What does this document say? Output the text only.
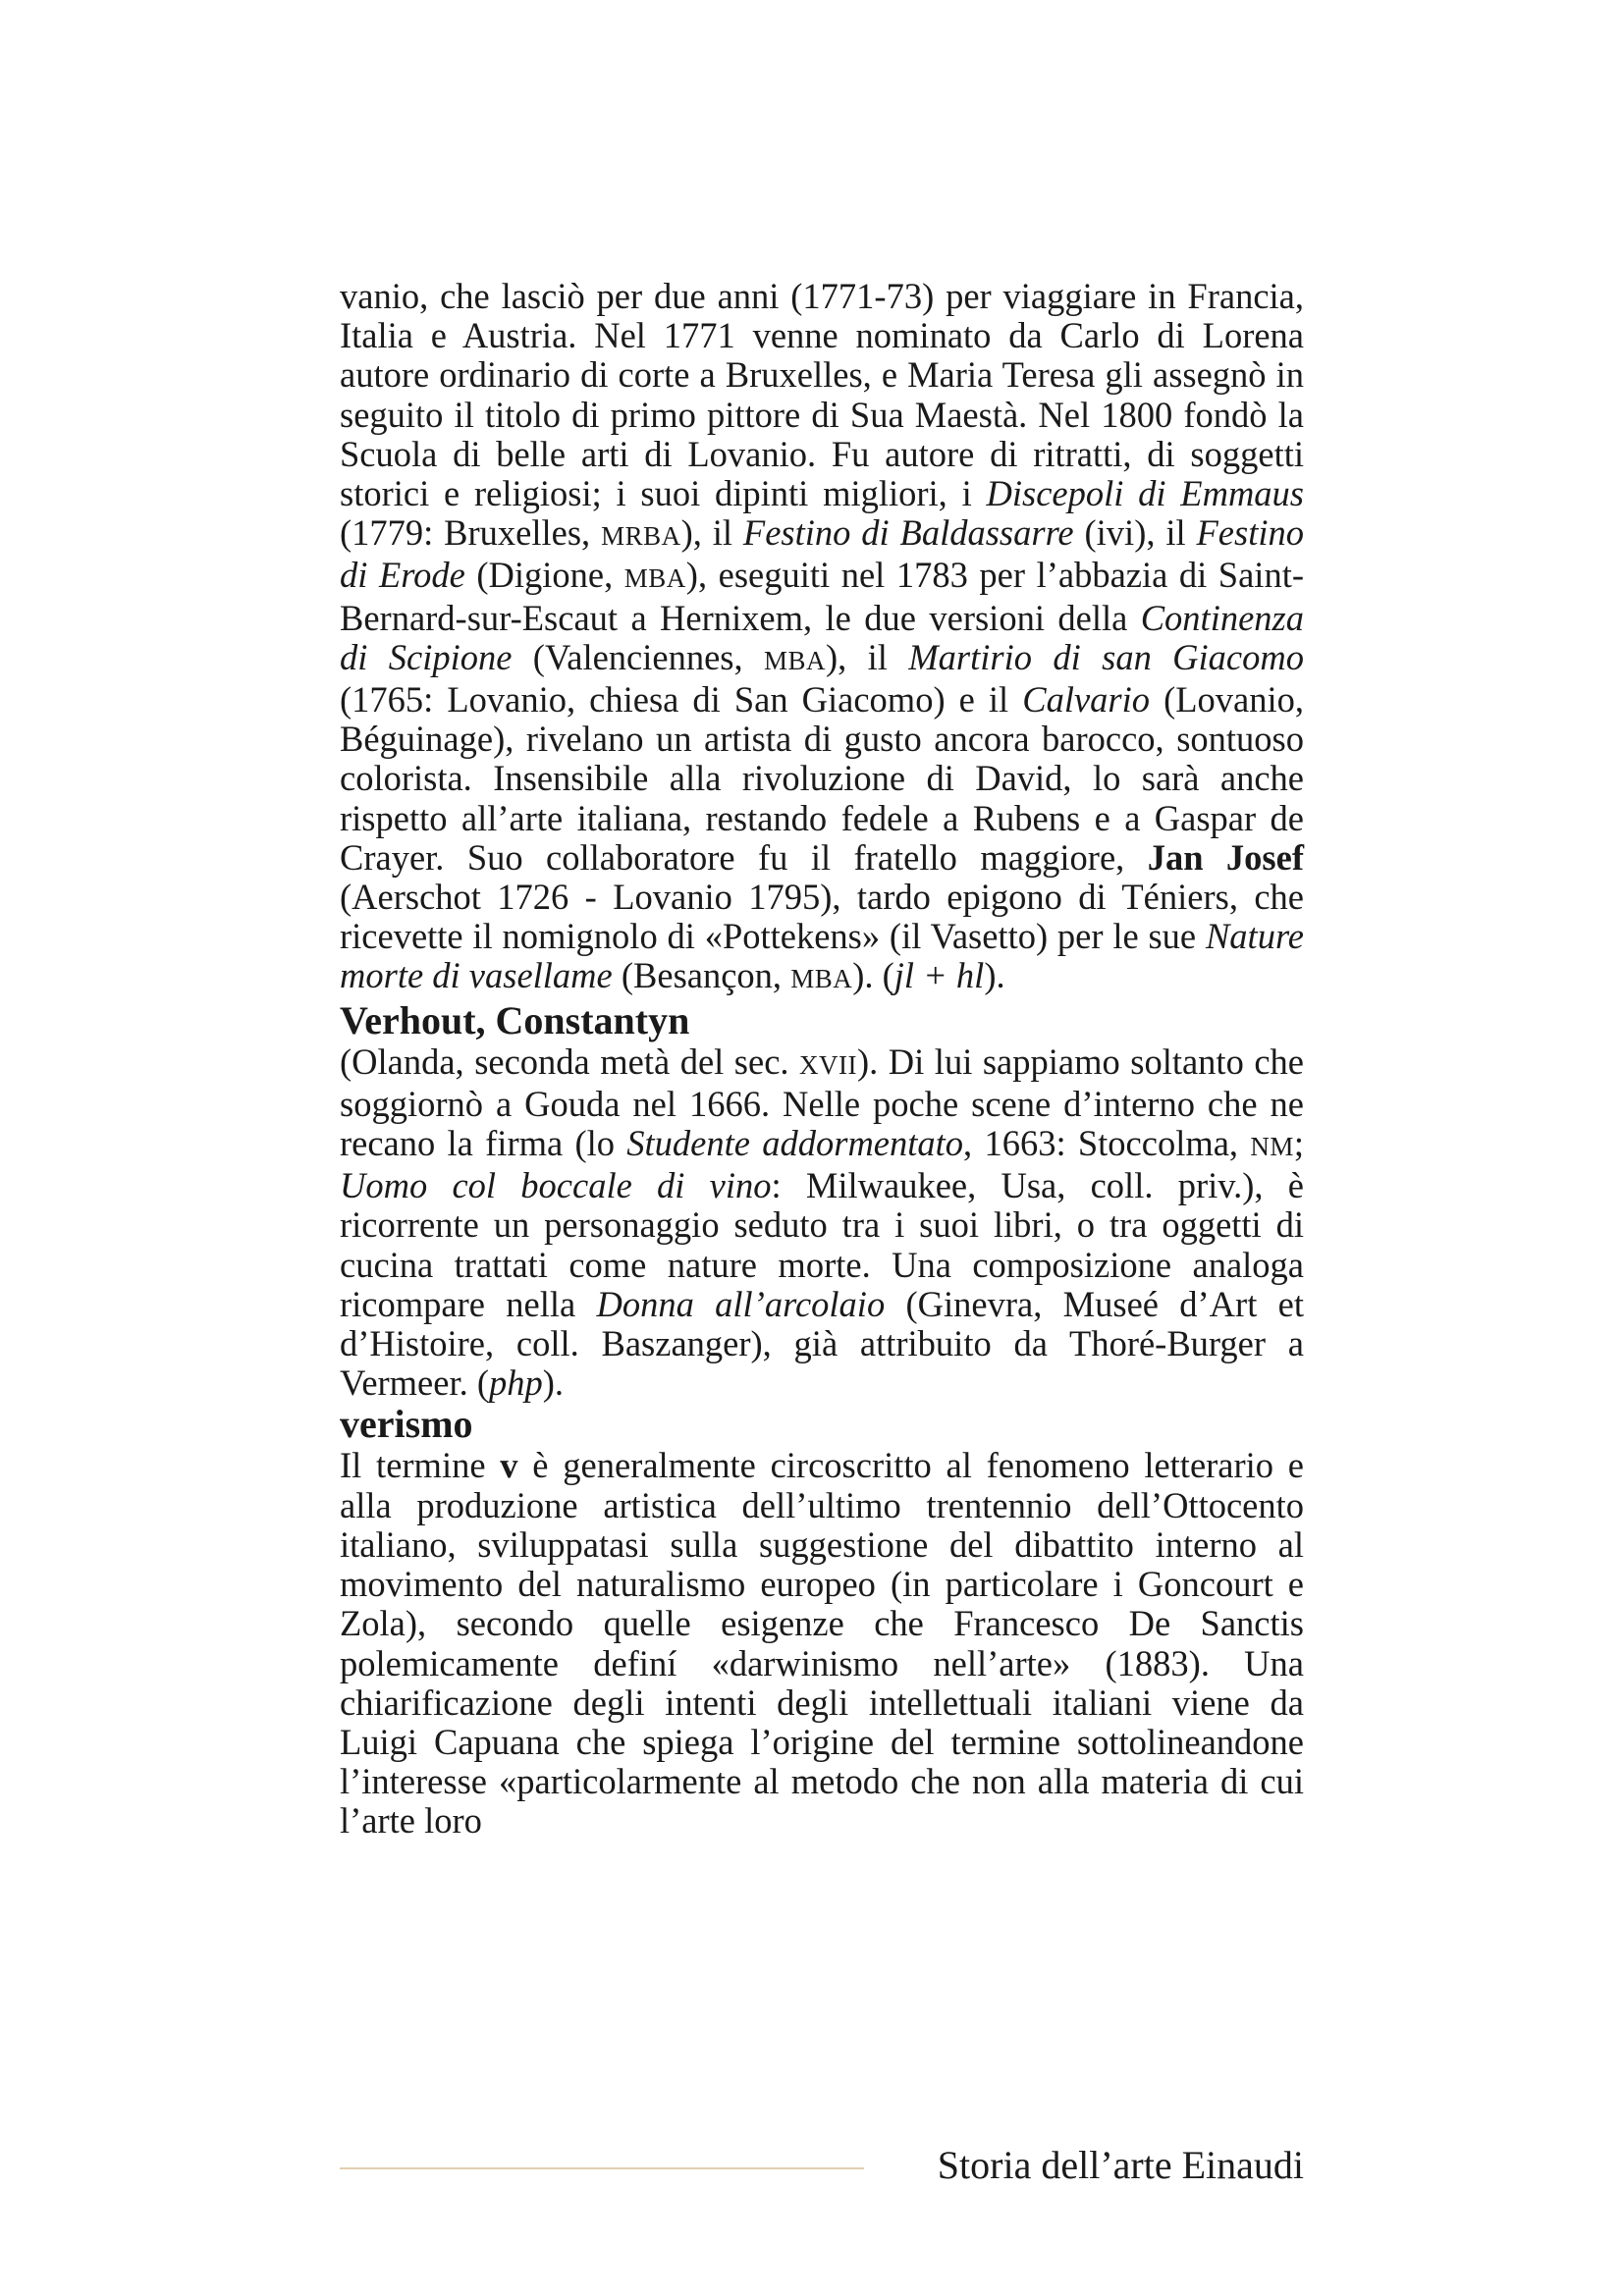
vanio, che lasciò per due anni (1771-73) per viaggiare in Francia, Italia e Austria. Nel 1771 venne nominato da Carlo di Lorena autore ordinario di corte a Bruxelles, e Maria Teresa gli assegnò in seguito il titolo di primo pittore di Sua Maestà. Nel 1800 fondò la Scuola di belle arti di Lovanio. Fu autore di ritratti, di soggetti storici e religiosi; i suoi dipinti migliori, i Discepoli di Emmaus (1779: Bruxelles, MRBA), il Festino di Baldassarre (ivi), il Festino di Erode (Digione, MBA), eseguiti nel 1783 per l’abbazia di Saint-Bernard-sur-Escaut a Hernixem, le due versioni della Continenza di Scipione (Valenciennes, MBA), il Martirio di san Giacomo (1765: Lovanio, chiesa di San Giacomo) e il Calvario (Lovanio, Béguinage), rivelano un artista di gusto ancora barocco, sontuoso colorista. Insensibile alla rivoluzione di David, lo sarà anche rispetto all’arte italiana, restando fedele a Rubens e a Gaspar de Crayer. Suo collaboratore fu il fratello maggiore, Jan Josef (Aerschot 1726 - Lovanio 1795), tardo epigono di Téniers, che ricevette il nomignolo di «Pottekens» (il Vasetto) per le sue Nature morte di vasellame (Besançon, MBA). (jl + hl).

Verhout, Constantyn

(Olanda, seconda metà del sec. XVII). Di lui sappiamo soltanto che soggiornò a Gouda nel 1666. Nelle poche scene d’interno che ne recano la firma (lo Studente addormentato, 1663: Stoccolma, NM; Uomo col boccale di vino: Milwaukee, Usa, coll. priv.), è ricorrente un personaggio seduto tra i suoi libri, o tra oggetti di cucina trattati come nature morte. Una composizione analoga ricompare nella Donna all’arcolaio (Ginevra, Museé d’Art et d’Histoire, coll. Baszanger), già attribuito da Thoré-Burger a Vermeer. (php).

verismo

Il termine v è generalmente circoscritto al fenomeno letterario e alla produzione artistica dell’ultimo trentennio dell’Ottocento italiano, sviluppatasi sulla suggestione del dibattito interno al movimento del naturalismo europeo (in particolare i Goncourt e Zola), secondo quelle esigenze che Francesco De Sanctis polemicamente definí «darwinismo nell’arte» (1883). Una chiarificazione degli intenti degli intellettuali italiani viene da Luigi Capuana che spiega l’origine del termine sottolineandone l’interesse «particolarmente al metodo che non alla materia di cui l’arte loro

Storia dell’arte Einaudi
